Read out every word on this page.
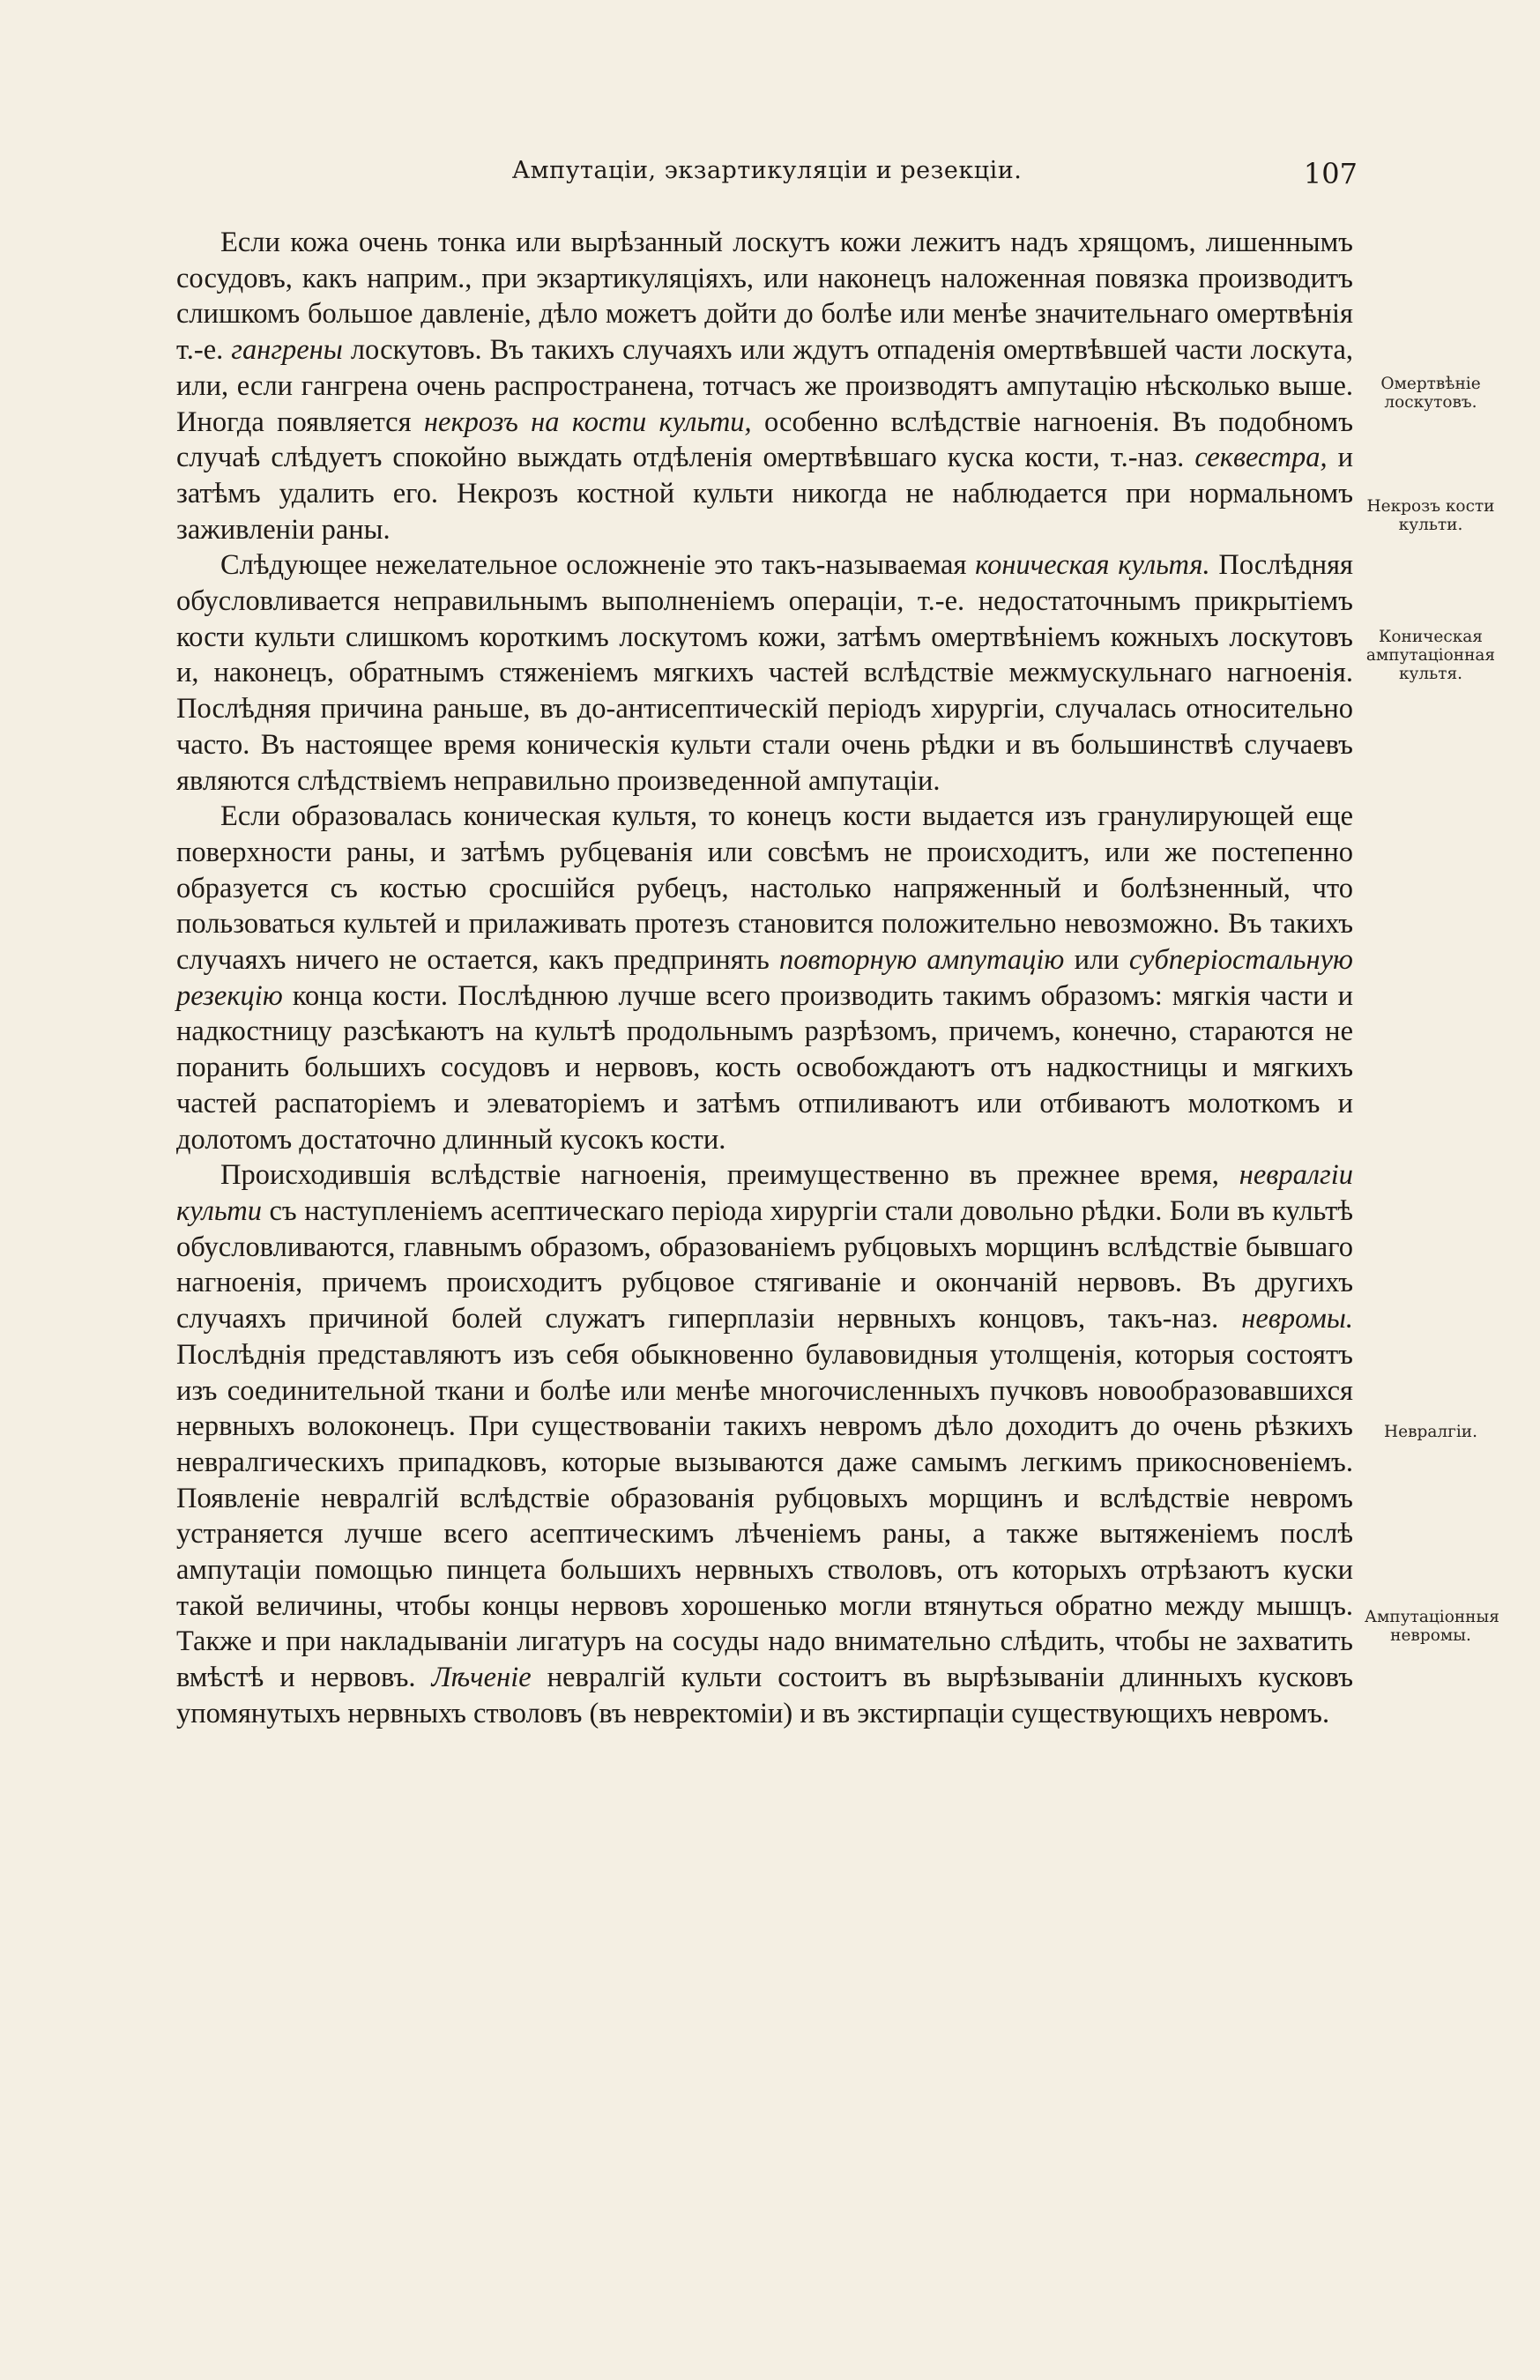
Ампутаціи, экзартикуляціи и резекціи.	107
Омертвѣніе лоскутовъ.
Некрозъ кости культи.
Коническая ампутаціонная культя.
Невралгіи.
Ампутаціонныя невромы.

Если кожа очень тонка или вырѣзанный лоскутъ кожи лежитъ надъ хрящомъ, лишеннымъ сосудовъ, какъ наприм., при экзартикуляціяхъ, или наконецъ наложенная повязка производитъ слишкомъ большое давленіе, дѣло можетъ дойти до болѣе или менѣе значительнаго омертвѣнія т.-е. гангрены лоскутовъ. Въ такихъ случаяхъ или ждутъ отпаденія омертвѣвшей части лоскута, или, если гангрена очень распространена, тотчасъ же производятъ ампутацію нѣсколько выше. Иногда появляется некрозъ на кости культи, особенно вслѣдствіе нагноенія. Въ подобномъ случаѣ слѣдуетъ спокойно выждать отдѣленія омертвѣвшаго куска кости, т.-наз. секвестра, и затѣмъ удалить его. Некрозъ костной культи никогда не наблюдается при нормальномъ заживленіи раны.

Слѣдующее нежелательное осложненіе это такъ-называемая коническая культя. Послѣдняя обусловливается неправильнымъ выполненіемъ операціи, т.-е. недостаточнымъ прикрытіемъ кости культи слишкомъ короткимъ лоскутомъ кожи, затѣмъ омертвѣніемъ кожныхъ лоскутовъ и, наконецъ, обратнымъ стяженіемъ мягкихъ частей вслѣдствіе межмускульнаго нагноенія. Послѣдняя причина раньше, въ до-антисептическій періодъ хирургіи, случалась относительно часто. Въ настоящее время коническія культи стали очень рѣдки и въ большинствѣ случаевъ являются слѣдствіемъ неправильно произведенной ампутаціи.

Если образовалась коническая культя, то конецъ кости выдается изъ гранулирующей еще поверхности раны, и затѣмъ рубцеванія или совсѣмъ не происходитъ, или же постепенно образуется съ костью сросшійся рубецъ, настолько напряженный и болѣзненный, что пользоваться культей и прилаживать протезъ становится положительно невозможно. Въ такихъ случаяхъ ничего не остается, какъ предпринять повторную ампутацію или субперіостальную резекцію конца кости. Послѣднюю лучше всего производить такимъ образомъ: мягкія части и надкостницу разсѣкаютъ на культѣ продольнымъ разрѣзомъ, причемъ, конечно, стараются не поранить большихъ сосудовъ и нервовъ, кость освобождаютъ отъ надкостницы и мягкихъ частей распаторіемъ и элеваторіемъ и затѣмъ отпиливаютъ или отбиваютъ молоткомъ и долотомъ достаточно длинный кусокъ кости.

Происходившія вслѣдствіе нагноенія, преимущественно въ прежнее время, невралгіи культи съ наступленіемъ асептическаго періода хирургіи стали довольно рѣдки. Боли въ культѣ обусловливаются, главнымъ образомъ, образованіемъ рубцовыхъ морщинъ вслѣдствіе бывшаго нагноенія, причемъ происходитъ рубцовое стягиваніе и окончаній нервовъ. Въ другихъ случаяхъ причиной болей служатъ гиперплазіи нервныхъ концовъ, такъ-наз. невромы. Послѣднія представляютъ изъ себя обыкновенно булавовидныя утолщенія, которыя состоятъ изъ соединительной ткани и болѣе или менѣе многочисленныхъ пучковъ новообразовавшихся нервныхъ волоконецъ. При существованіи такихъ невромъ дѣло доходитъ до очень рѣзкихъ невралгическихъ припадковъ, которые вызываются даже самымъ легкимъ прикосновеніемъ. Появленіе невралгій вслѣдствіе образованія рубцовыхъ морщинъ и вслѣдствіе невромъ устраняется лучше всего асептическимъ лѣченіемъ раны, а также вытяженіемъ послѣ ампутаціи помощью пинцета большихъ нервныхъ стволовъ, отъ которыхъ отрѣзаютъ куски такой величины, чтобы концы нервовъ хорошенько могли втянуться обратно между мышцъ. Также и при накладываніи лигатуръ на сосуды надо внимательно слѣдить, чтобы не захватить вмѣстѣ и нервовъ. Лѣченіе невралгій культи состоитъ въ вырѣзываніи длинныхъ кусковъ упомянутыхъ нервныхъ стволовъ (въ невректоміи) и въ экстирпаціи существующихъ невромъ.
